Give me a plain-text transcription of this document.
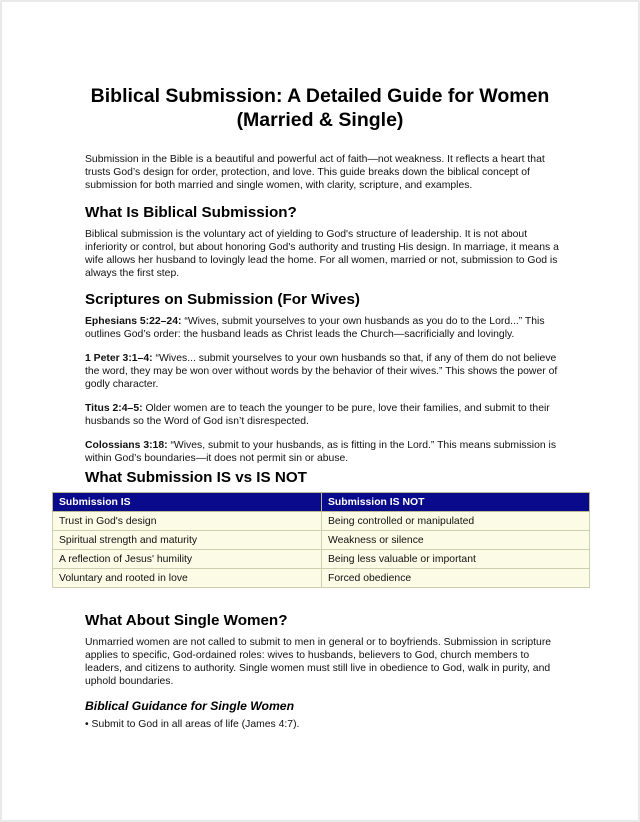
Biblical Submission: A Detailed Guide for Women
(Married & Single)

Submission in the Bible is a beautiful and powerful act of faith—not weakness. It reflects a heart that trusts God’s design for order, protection, and love. This guide breaks down the biblical concept of submission for both married and single women, with clarity, scripture, and examples.

What Is Biblical Submission?

Biblical submission is the voluntary act of yielding to God's structure of leadership. It is not about inferiority or control, but about honoring God's authority and trusting His design. In marriage, it means a wife allows her husband to lovingly lead the home. For all women, married or not, submission to God is always the first step.

Scriptures on Submission (For Wives)

Ephesians 5:22–24: “Wives, submit yourselves to your own husbands as you do to the Lord...” This outlines God’s order: the husband leads as Christ leads the Church—sacrificially and lovingly.

1 Peter 3:1–4: “Wives... submit yourselves to your own husbands so that, if any of them do not believe the word, they may be won over without words by the behavior of their wives.” This shows the power of godly character.

Titus 2:4–5: Older women are to teach the younger to be pure, love their families, and submit to their husbands so the Word of God isn’t disrespected.

Colossians 3:18: “Wives, submit to your husbands, as is fitting in the Lord.” This means submission is within God’s boundaries—it does not permit sin or abuse.

What Submission IS vs IS NOT
Submission IS	Submission IS NOT
Trust in God's design	Being controlled or manipulated
Spiritual strength and maturity	Weakness or silence
A reflection of Jesus' humility	Being less valuable or important
Voluntary and rooted in love	Forced obedience
What About Single Women?

Unmarried women are not called to submit to men in general or to boyfriends. Submission in scripture applies to specific, God-ordained roles: wives to husbands, believers to God, church members to leaders, and citizens to authority. Single women must still live in obedience to God, walk in purity, and uphold boundaries.

Biblical Guidance for Single Women
• Submit to God in all areas of life (James 4:7).
